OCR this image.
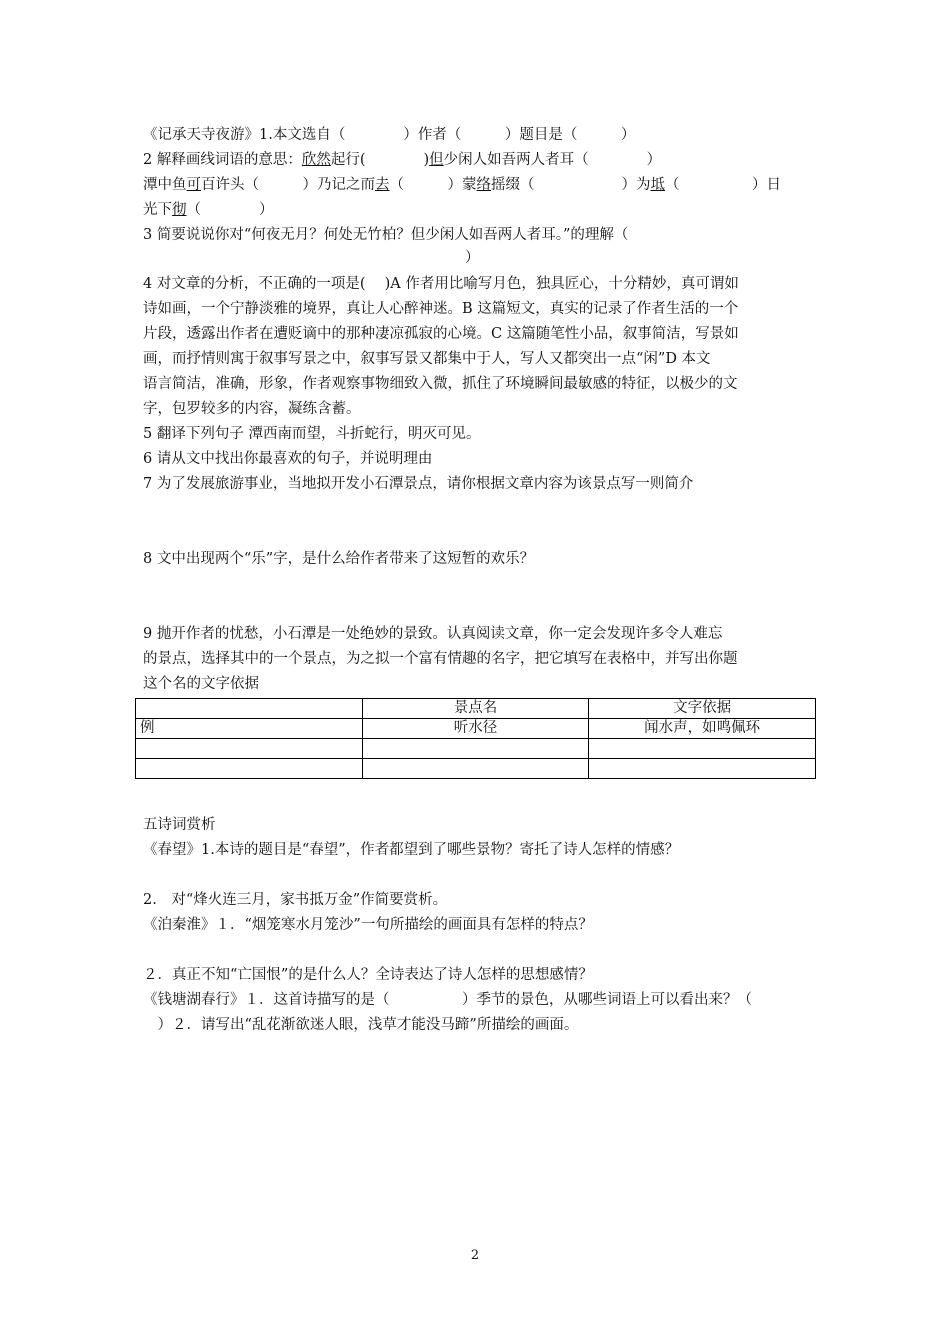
《记承天寺夜游》1.本文选自（　　　　）作者（　　　）题目是（　　　）
2 解释画线词语的意思：欣然起行(　　　　)但少闲人如吾两人者耳（　　　　）
潭中鱼可百许头（　　　）乃记之而去（　　　）蒙络摇缀（　　　　　　）为坻（　　　　　）日
光下彻（　　　　）
3 简要说说你对“何夜无月？何处无竹柏？但少闲人如吾两人者耳。”的理解（
）
4 对文章的分析，不正确的一项是(　 )A 作者用比喻写月色，独具匠心，十分精妙，真可谓如
诗如画，一个宁静淡雅的境界，真让人心醉神迷。B 这篇短文，真实的记录了作者生活的一个
片段，透露出作者在遭贬谪中的那种凄凉孤寂的心境。C 这篇随笔性小品，叙事简洁，写景如
画，而抒情则寓于叙事写景之中，叙事写景又都集中于人，写人又都突出一点“闲”D 本文
语言简洁，准确，形象，作者观察事物细致入微，抓住了环境瞬间最敏感的特征，以极少的文
字，包罗较多的内容，凝练含蓄。
5 翻译下列句子 潭西南而望，斗折蛇行，明灭可见。
6 请从文中找出你最喜欢的句子，并说明理由
7 为了发展旅游事业，当地拟开发小石潭景点，请你根据文章内容为该景点写一则简介
8 文中出现两个“乐”字，是什么给作者带来了这短暂的欢乐？
9 抛开作者的忧愁，小石潭是一处绝妙的景致。认真阅读文章，你一定会发现许多令人难忘
的景点，选择其中的一个景点，为之拟一个富有情趣的名字，把它填写在表格中，并写出你题
这个名的文字依据
	景点名	文字依据
例	听水径	闻水声，如鸣佩环

五诗词赏析
《春望》1.本诗的题目是“春望”，作者都望到了哪些景物？寄托了诗人怎样的情感？
2.　对“烽火连三月，家书抵万金”作简要赏析。
《泊秦淮》１．“烟笼寒水月笼沙”一句所描绘的画面具有怎样的特点？
２．真正不知“亡国恨”的是什么人？全诗表达了诗人怎样的思想感情？
《钱塘湖春行》１．这首诗描写的是（　　　　　）季节的景色，从哪些词语上可以看出来？（
　）２．请写出“乱花渐欲迷人眼，浅草才能没马蹄”所描绘的画面。
2
